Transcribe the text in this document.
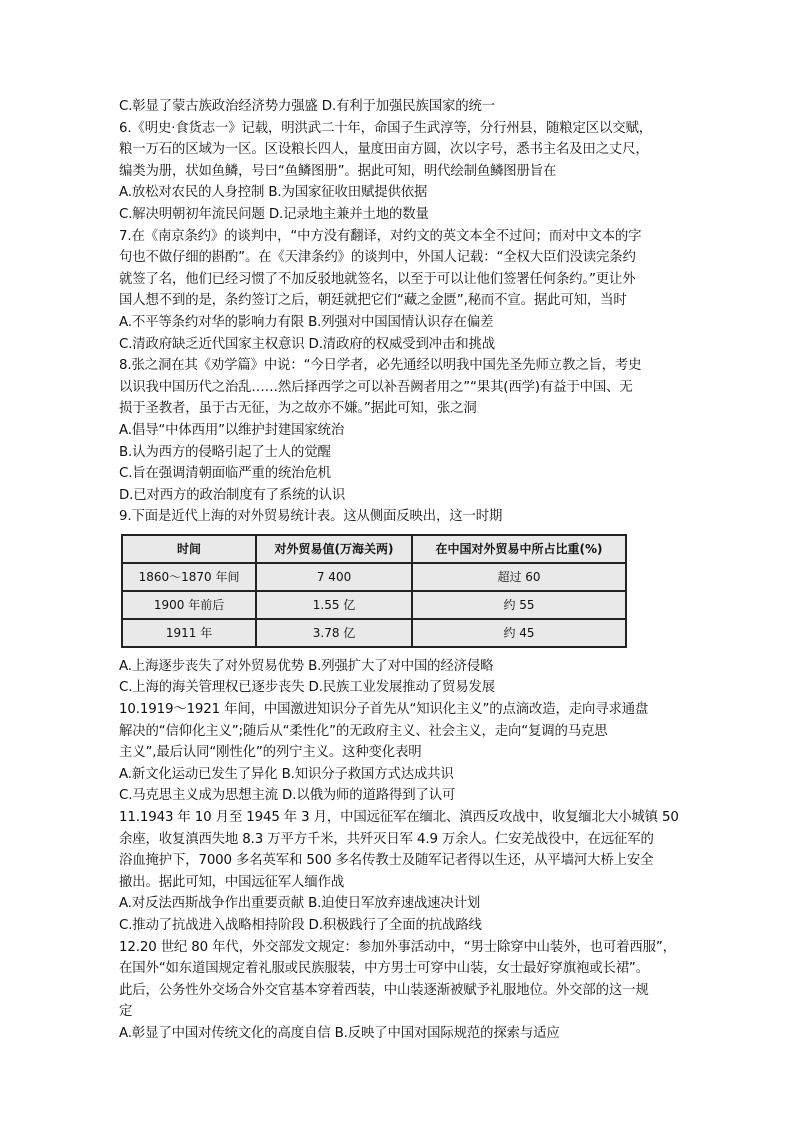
C.彰显了蒙古族政治经济势力强盛 D.有利于加强民族国家的统一
6.《明史·食货志一》记载，明洪武二十年，命国子生武淳等，分行州县，随粮定区以交赋，
粮一万石的区域为一区。区设粮长四人，量度田亩方圆，次以字号，悉书主名及田之丈尺，
编类为册，状如鱼鳞，号曰“鱼鳞图册”。据此可知，明代绘制鱼鳞图册旨在
A.放松对农民的人身控制 B.为国家征收田赋提供依据
C.解决明朝初年流民问题 D.记录地主兼并土地的数量
7.在《南京条约》的谈判中，“中方没有翻译，对约文的英文本全不过问；而对中文本的字
句也不做仔细的斟酌”。在《天津条约》的谈判中，外国人记载：“全权大臣们没读完条约
就签了名，他们已经习惯了不加反驳地就签名，以至于可以让他们签署任何条约。”更让外
国人想不到的是，条约签订之后，朝廷就把它们“藏之金匮”,秘而不宣。据此可知，当时
A.不平等条约对华的影响力有限 B.列强对中国国情认识存在偏差
C.清政府缺乏近代国家主权意识 D.清政府的权威受到冲击和挑战
8.张之洞在其《劝学篇》中说：“今日学者，必先通经以明我中国先圣先师立教之旨，考史
以识我中国历代之治乱……然后择西学之可以补吾阙者用之”“果其(西学)有益于中国、无
损于圣教者，虽于古无征，为之故亦不嫌。”据此可知，张之洞
A.倡导“中体西用”以维护封建国家统治
B.认为西方的侵略引起了士人的觉醒
C.旨在强调清朝面临严重的统治危机
D.已对西方的政治制度有了系统的认识
9.下面是近代上海的对外贸易统计表。这从侧面反映出，这一时期
时间	对外贸易值(万海关两)	在中国对外贸易中所占比重(%)
1860～1870 年间	7 400	超过 60
1900 年前后	1.55 亿	约 55
1911 年	3.78 亿	约 45
A.上海逐步丧失了对外贸易优势 B.列强扩大了对中国的经济侵略
C.上海的海关管理权已逐步丧失 D.民族工业发展推动了贸易发展
10.1919～1921 年间，中国激进知识分子首先从“知识化主义”的点滴改造，走向寻求通盘
解决的“信仰化主义”;随后从“柔性化”的无政府主义、社会主义，走向“复调的马克思
主义”,最后认同“刚性化”的列宁主义。这种变化表明
A.新文化运动已发生了异化 B.知识分子救国方式达成共识
C.马克思主义成为思想主流 D.以俄为师的道路得到了认可
11.1943 年 10 月至 1945 年 3 月，中国远征军在缅北、滇西反攻战中，收复缅北大小城镇 50
余座，收复滇西失地 8.3 万平方千米，共歼灭日军 4.9 万余人。仁安羌战役中，在远征军的
浴血掩护下，7000 多名英军和 500 多名传教士及随军记者得以生还，从平墙河大桥上安全
撤出。据此可知，中国远征军人缅作战
A.对反法西斯战争作出重要贡献 B.迫使日军放弃速战速决计划
C.推动了抗战进入战略相持阶段 D.积极践行了全面的抗战路线
12.20 世纪 80 年代，外交部发文规定：参加外事活动中，“男士除穿中山装外，也可着西服”，
在国外“如东道国规定着礼服或民族服装，中方男士可穿中山装，女士最好穿旗袍或长裙”。
此后，公务性外交场合外交官基本穿着西装，中山装逐渐被赋予礼服地位。外交部的这一规
定
A.彰显了中国对传统文化的高度自信 B.反映了中国对国际规范的探索与适应
